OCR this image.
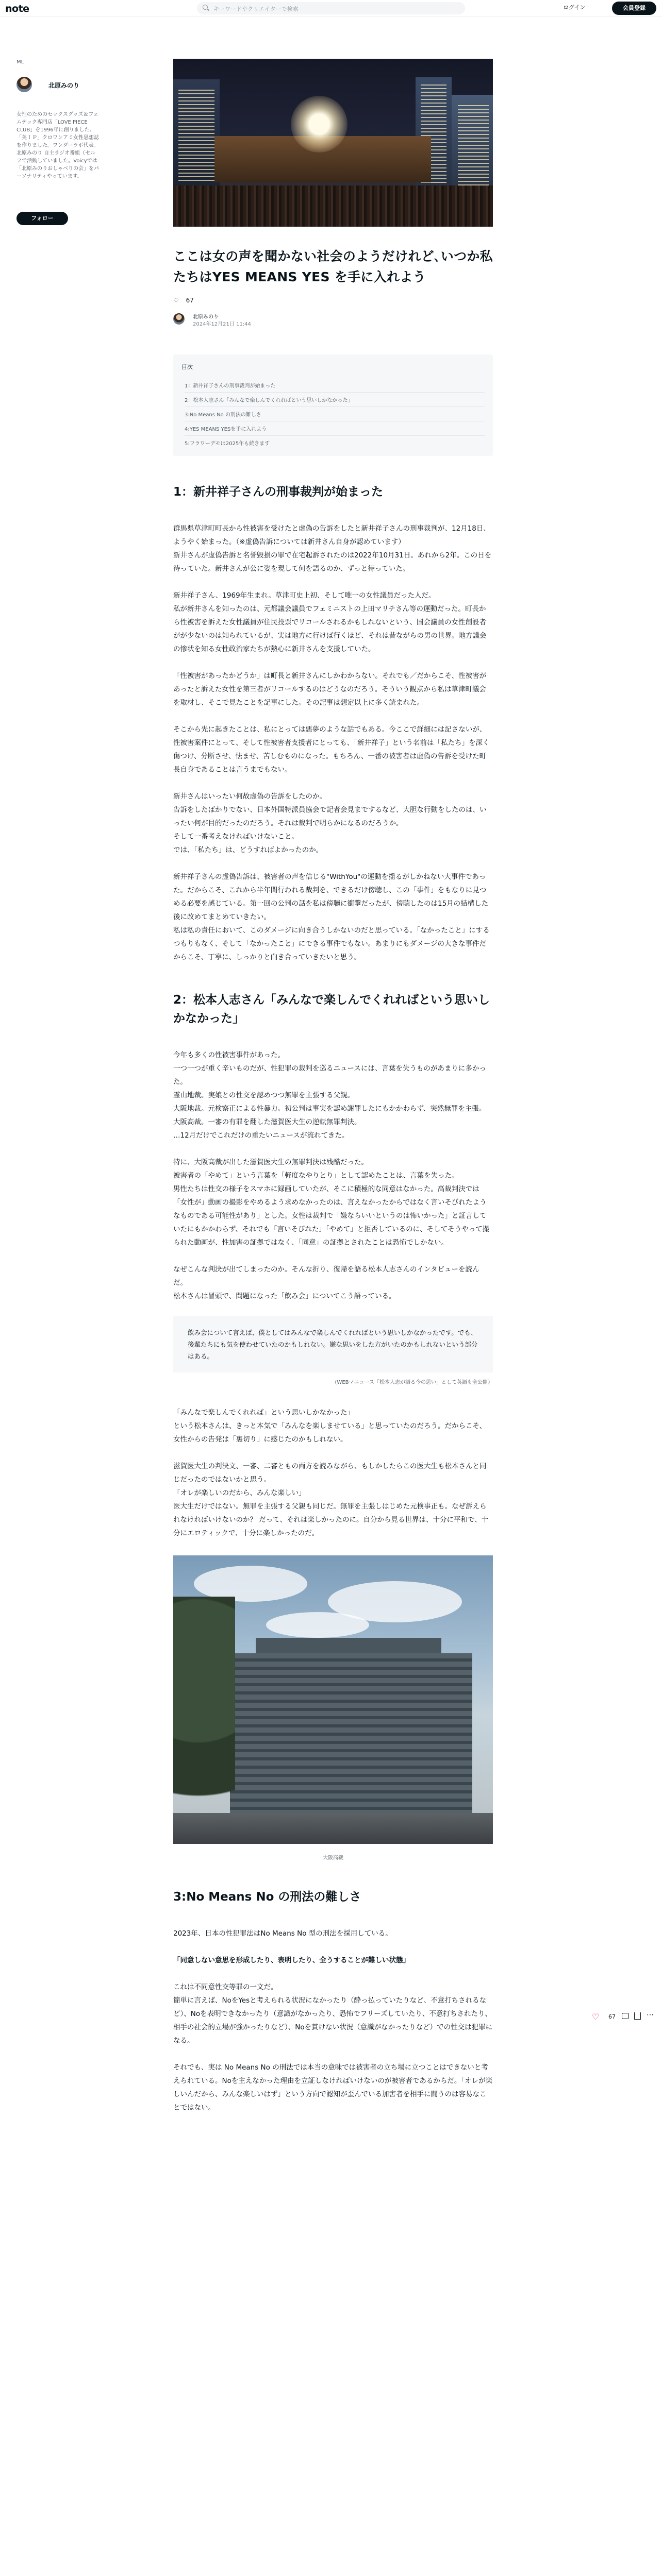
note	キーワードやクリエイターで検索	ログイン	会員登録
ML
北原みのり
女性のためのセックスグッズ＆フェムテック専門店「LOVE PIECE CLUB」を1996年に創りました。「美ＩＰ」クロワンアミ女性思想誌を作りました。ワンダーラボ代表。北原みのり 自主ラジオ番組（セルフで活動していました。Voicyでは「北原みのりおしゃべりの会」をパーソナリティやっています。
フォロー
ここは女の声を聞かない社会のようだけれど､いつか私たちはYES MEANS YES を手に入れよう
♡ 67
北原みのり
2024年12月21日 11:44
目次
1：新井祥子さんの刑事裁判が始まった
2：松本人志さん「みんなで楽しんでくれればという思いしかなかった」
3:No Means No の刑法の難しさ
4:YES MEANS YESを手に入れよう
5:フラワーデモは2025年も続きます
1：新井祥子さんの刑事裁判が始まった

群馬県草津町町長から性被害を受けたと虚偽の告訴をしたと新井祥子さんの刑事裁判が、12月18日、ようやく始まった。（※虚偽告訴については新井さん自身が認めています）
新井さんが虚偽告訴と名誉毀損の罪で在宅起訴されたのは2022年10月31日。あれから2年。この日を待っていた。新井さんが公に姿を現して何を語るのか、ずっと待っていた。

新井祥子さん、1969年生まれ。草津町史上初、そして唯一の女性議員だった人だ。
私が新井さんを知ったのは、元都議会議員でフェミニストの上田マリチさん等の運動だった。町長から性被害を訴えた女性議員が住民投票でリコールされるかもしれないという、国会議員の女性創設者がが少ないのは知られているが、実は地方に行けば行くほど、それは昔ながらの男の世界。地方議会の惨状を知る女性政治家たちが熱心に新井さんを支援していた。

「性被害があったかどうか」は町長と新井さんにしかわからない。それでも／だからこそ、性被害があったと訴えた女性を第三者がリコールするのはどうなのだろう。そういう観点から私は草津町議会を取材し、そこで見たことを記事にした。その記事は想定以上に多く読まれた。

そこから先に起きたことは、私にとっては悪夢のような話でもある。今ここで詳細には記さないが、性被害案件にとって、そして性被害者支援者にとっても、「新井祥子」という名前は「私たち」を深く傷つけ、分断させ、怯ませ、苦しむものになった。もちろん、一番の被害者は虚偽の告訴を受けた町長自身であることは言うまでもない。

新井さんはいったい何故虚偽の告訴をしたのか。
告訴をしたばかりでない、日本外国特派員協会で記者会見までするなど、大胆な行動をしたのは、いったい何が目的だったのだろう。それは裁判で明らかになるのだろうか。
そして一番考えなければいけないこと。
では、「私たち」は、どうすればよかったのか。

新井祥子さんの虚偽告訴は、被害者の声を信じる"WithYou"の運動を揺るがしかねない大事件であった。だからこそ、これから半年間行われる裁判を、できるだけ傍聴し、この「事件」をもなりに見つめる必要を感じている。第一回の公判の話を私は傍聴に衝撃だったが、傍聴したのは15月の結構した後に改めてまとめていきたい。
私は私の責任において、このダメージに向き合うしかないのだと思っている。「なかったこと」にするつもりもなく、そして「なかったこと」にできる事件でもない。あまりにもダメージの大きな事件だからこそ、丁寧に、しっかりと向き合っていきたいと思う。

2：松本人志さん「みんなで楽しんでくれればという思いしかなかった」

今年も多くの性被害事件があった。
一つ一つが重く辛いものだが、性犯罪の裁判を巡るニュースには、言葉を失うものがあまりに多かった。
霊山地裁。実娘との性交を認めつつ無罪を主張する父親。
大阪地裁。元検察正による性暴力。初公判は事実を認め謝罪したにもかかわらず、突然無罪を主張。
大阪高裁。一審の有罪を翻した滋賀医大生の逆転無罪判決。
…12月だけでこれだけの重たいニュースが流れてきた。

特に、大阪高裁が出した滋賀医大生の無罪判決は残酷だった。
被害者の「やめて」という言葉を「軽度なやりとり」として認めたことは、言葉を失った。
男性たちは性交の様子をスマホに録画していたが、そこに積極的な同意はなかった。高裁判決では「女性が」動画の撮影をやめるよう求めなかったのは、言えなかったからではなく言いそびれたようなものである可能性があり」とした。女性は裁判で「嫌ならいいというのは怖いかった」と証言していたにもかかわらず、それでも「言いそびれた」「やめて」と拒否しているのに、そしてそうやって撮られた動画が、性加害の証拠ではなく、「同意」の証拠とされたことは恐怖でしかない。

なぜこんな判決が出てしまったのか。そんな折り、復帰を語る松本人志さんのインタビューを読んだ。
松本さんは冒頭で、問題になった「飲み会」についてこう語っている。

飲み会について言えば、僕としてはみんなで楽しんでくれればという思いしかなかったです。でも、後輩たちにも気を使わせていたのかもしれない。嫌な思いをした方がいたのかもしれないという部分はある。
(WEBマニュース「松本人志が語る今の思い」として英語も全公開）

「みんなで楽しんでくれれば」という思いしかなかった」
という松本さんは、きっと本気で「みんなを楽しませている」と思っていたのだろう。だからこそ、女性からの告発は「裏切り」に感じたのかもしれない。

滋賀医大生の判決文、一審、二審ともの両方を読みながら、もしかしたらこの医大生も松本さんと同じだったのではないかと思う。
「オレが楽しいのだから、みんな楽しい」
医大生だけではない。無罪を主張する父親も同じだ。無罪を主張しはじめた元検事正も。なぜ訴えられなければいけないのか？ だって、それは楽しかったのに。自分から見る世界は、十分に平和で、十分にエロティックで、十分に楽しかったのだ。

大阪高裁
3:No Means No の刑法の難しさ

2023年、日本の性犯罪法はNo Means No 型の刑法を採用している。

「同意しない意思を形成したり、表明したり、全うすることが難しい状態」

これは不同意性交等罪の一文だ。
簡単に言えば、NoをYesと考えられる状況になかったり（酔っ払っていたりなど、不意打ちされるなど）、Noを表明できなかったり（意識がなかったり、恐怖でフリーズしていたり、不意打ちされたり、相手の社会的立場が強かったりなど）、Noを貫けない状況（意識がなかったりなど）での性交は犯罪になる。

それでも、実は No Means No の刑法では本当の意味では被害者の立ち場に立つことはできないと考えられている。Noを主えなかった理由を立証しなければいけないのが被害者であるからだ。「オレが楽しいんだから、みんな楽しいはず」という方向で認知が歪んでいる加害者を相手に闘うのは容易なことではない。

♡ 67	⋯
